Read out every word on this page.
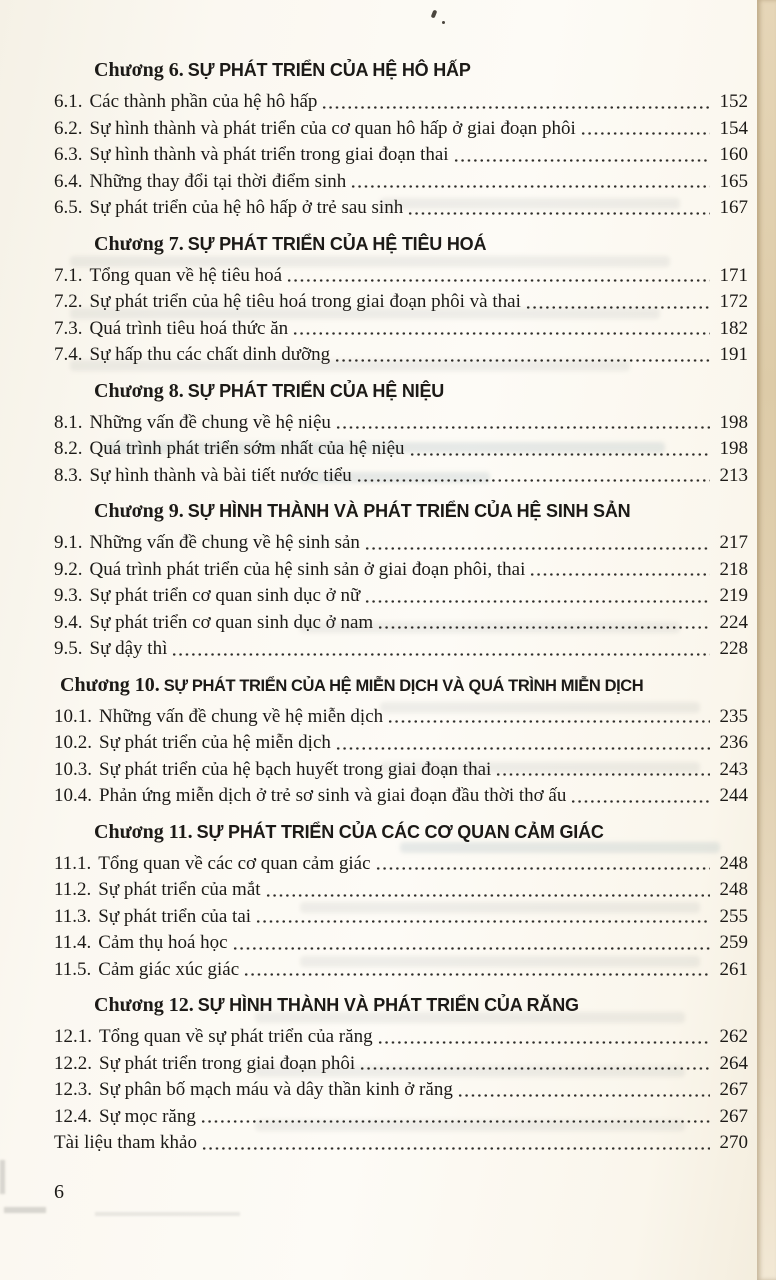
Chương 6. SỰ PHÁT TRIỂN CỦA HỆ HÔ HẤP
6.1. Các thành phần của hệ hô hấp	152
6.2. Sự hình thành và phát triển của cơ quan hô hấp ở giai đoạn phôi	154
6.3. Sự hình thành và phát triển trong giai đoạn thai	160
6.4. Những thay đổi tại thời điểm sinh	165
6.5. Sự phát triển của hệ hô hấp ở trẻ sau sinh	167
Chương 7. SỰ PHÁT TRIỂN CỦA HỆ TIÊU HOÁ
7.1. Tổng quan về hệ tiêu hoá	171
7.2. Sự phát triển của hệ tiêu hoá trong giai đoạn phôi và thai	172
7.3. Quá trình tiêu hoá thức ăn	182
7.4. Sự hấp thu các chất dinh dưỡng	191
Chương 8. SỰ PHÁT TRIỂN CỦA HỆ NIỆU
8.1. Những vấn đề chung về hệ niệu	198
8.2. Quá trình phát triển sớm nhất của hệ niệu	198
8.3. Sự hình thành và bài tiết nước tiểu	213
Chương 9. SỰ HÌNH THÀNH VÀ PHÁT TRIỂN CỦA HỆ SINH SẢN
9.1. Những vấn đề chung về hệ sinh sản	217
9.2. Quá trình phát triển của hệ sinh sản ở giai đoạn phôi, thai	218
9.3. Sự phát triển cơ quan sinh dục ở nữ	219
9.4. Sự phát triển cơ quan sinh dục ở nam	224
9.5. Sự dậy thì	228
Chương 10. SỰ PHÁT TRIỂN CỦA HỆ MIỄN DỊCH VÀ QUÁ TRÌNH MIỄN DỊCH
10.1. Những vấn đề chung về hệ miễn dịch	235
10.2. Sự phát triển của hệ miễn dịch	236
10.3. Sự phát triển của hệ bạch huyết trong giai đoạn thai	243
10.4. Phản ứng miễn dịch ở trẻ sơ sinh và giai đoạn đầu thời thơ ấu	244
Chương 11. SỰ PHÁT TRIỂN CỦA CÁC CƠ QUAN CẢM GIÁC
11.1. Tổng quan về các cơ quan cảm giác	248
11.2. Sự phát triển của mắt	248
11.3. Sự phát triển của tai	255
11.4. Cảm thụ hoá học	259
11.5. Cảm giác xúc giác	261
Chương 12. SỰ HÌNH THÀNH VÀ PHÁT TRIỂN CỦA RĂNG
12.1. Tổng quan về sự phát triển của răng	262
12.2. Sự phát triển trong giai đoạn phôi	264
12.3. Sự phân bố mạch máu và dây thần kinh ở răng	267
12.4. Sự mọc răng	267
Tài liệu tham khảo	270
6
